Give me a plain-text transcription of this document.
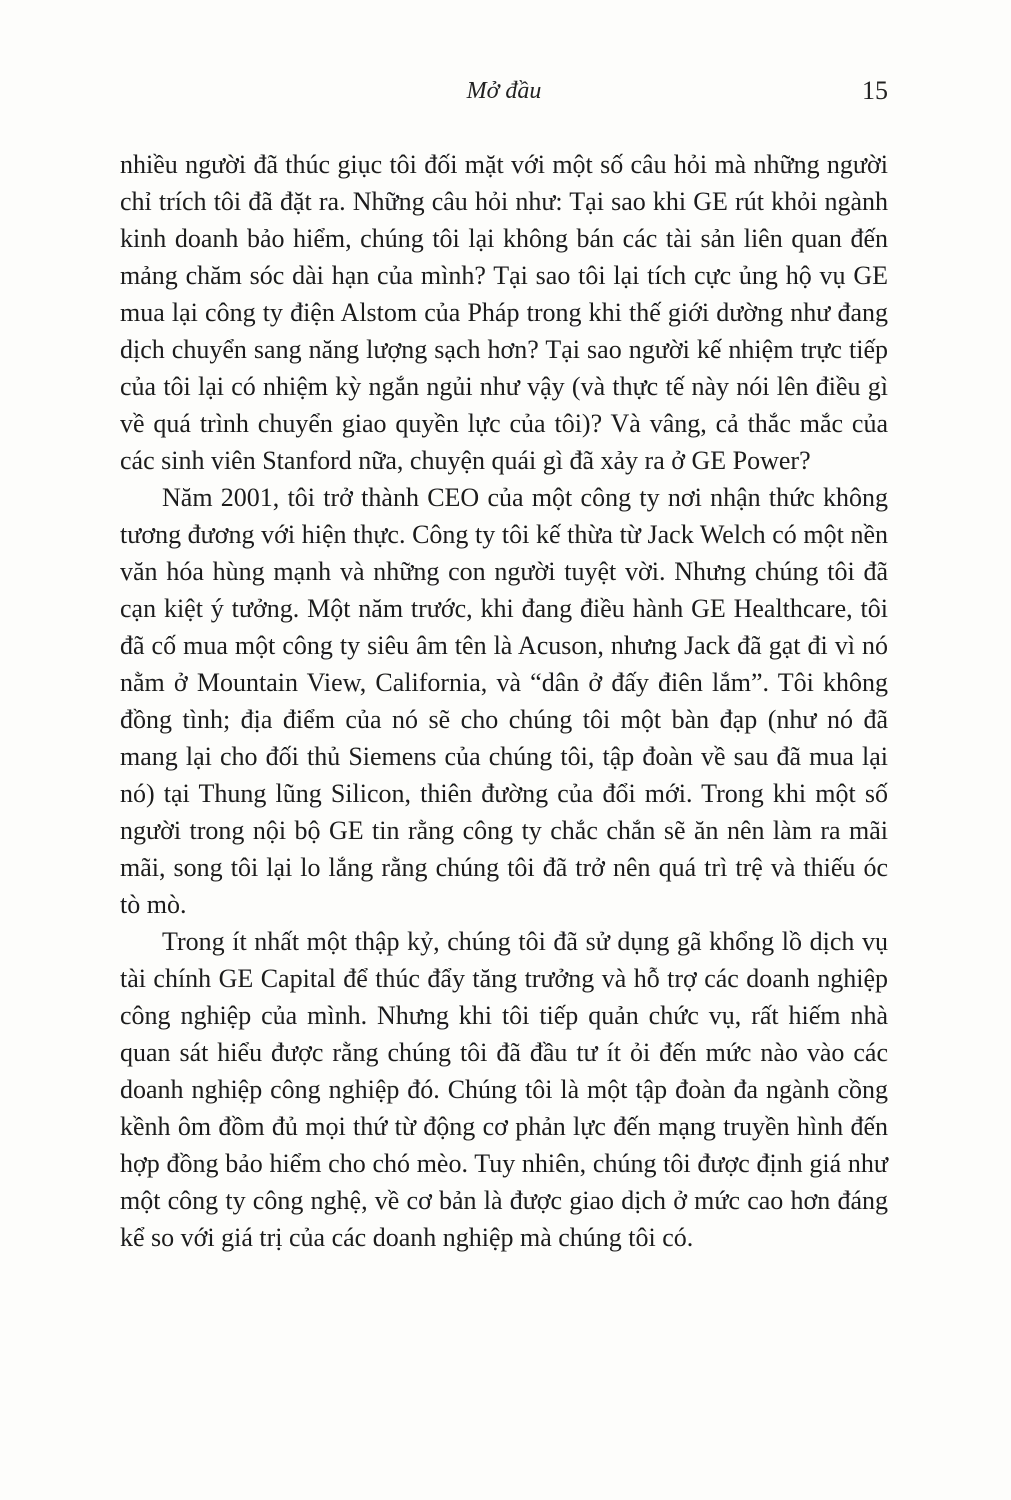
Mở đầu	15

nhiều người đã thúc giục tôi đối mặt với một số câu hỏi mà những người chỉ trích tôi đã đặt ra. Những câu hỏi như: Tại sao khi GE rút khỏi ngành kinh doanh bảo hiểm, chúng tôi lại không bán các tài sản liên quan đến mảng chăm sóc dài hạn của mình? Tại sao tôi lại tích cực ủng hộ vụ GE mua lại công ty điện Alstom của Pháp trong khi thế giới dường như đang dịch chuyển sang năng lượng sạch hơn? Tại sao người kế nhiệm trực tiếp của tôi lại có nhiệm kỳ ngắn ngủi như vậy (và thực tế này nói lên điều gì về quá trình chuyển giao quyền lực của tôi)? Và vâng, cả thắc mắc của các sinh viên Stanford nữa, chuyện quái gì đã xảy ra ở GE Power?

Năm 2001, tôi trở thành CEO của một công ty nơi nhận thức không tương đương với hiện thực. Công ty tôi kế thừa từ Jack Welch có một nền văn hóa hùng mạnh và những con người tuyệt vời. Nhưng chúng tôi đã cạn kiệt ý tưởng. Một năm trước, khi đang điều hành GE Healthcare, tôi đã cố mua một công ty siêu âm tên là Acuson, nhưng Jack đã gạt đi vì nó nằm ở Mountain View, California, và “dân ở đấy điên lắm”. Tôi không đồng tình; địa điểm của nó sẽ cho chúng tôi một bàn đạp (như nó đã mang lại cho đối thủ Siemens của chúng tôi, tập đoàn về sau đã mua lại nó) tại Thung lũng Silicon, thiên đường của đổi mới. Trong khi một số người trong nội bộ GE tin rằng công ty chắc chắn sẽ ăn nên làm ra mãi mãi, song tôi lại lo lắng rằng chúng tôi đã trở nên quá trì trệ và thiếu óc tò mò.

Trong ít nhất một thập kỷ, chúng tôi đã sử dụng gã khổng lồ dịch vụ tài chính GE Capital để thúc đẩy tăng trưởng và hỗ trợ các doanh nghiệp công nghiệp của mình. Nhưng khi tôi tiếp quản chức vụ, rất hiếm nhà quan sát hiểu được rằng chúng tôi đã đầu tư ít ỏi đến mức nào vào các doanh nghiệp công nghiệp đó. Chúng tôi là một tập đoàn đa ngành cồng kềnh ôm đồm đủ mọi thứ từ động cơ phản lực đến mạng truyền hình đến hợp đồng bảo hiểm cho chó mèo. Tuy nhiên, chúng tôi được định giá như một công ty công nghệ, về cơ bản là được giao dịch ở mức cao hơn đáng kể so với giá trị của các doanh nghiệp mà chúng tôi có.
